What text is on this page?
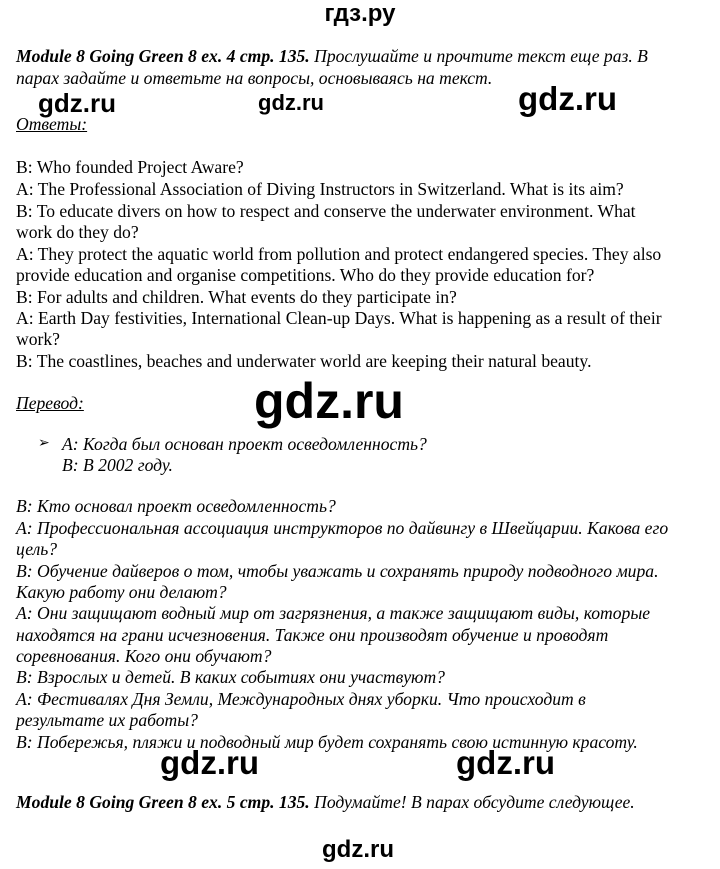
гдз.ру
Module 8 Going Green 8 ex. 4 стр. 135. Прослушайте и прочтите текст еще раз. В
парах задайте и ответьте на вопросы, основываясь на текст.
gdz.ru	gdz.ru	gdz.ru
Ответы:
B: Who founded Project Aware?
A: The Professional Association of Diving Instructors in Switzerland. What is its aim?
B: To educate divers on how to respect and conserve the underwater environment. What
work do they do?
A: They protect the aquatic world from pollution and protect endangered species. They also
provide education and organise competitions. Who do they provide education for?
B: For adults and children. What events do they participate in?
A: Earth Day festivities, International Clean-up Days. What is happening as a result of their
work?
B: The coastlines, beaches and underwater world are keeping their natural beauty.
Перевод:	gdz.ru
➢ A: Когда был основан проект осведомленность?
B: В 2002 году.
B: Кто основал проект осведомленность?
A: Профессиональная ассоциация инструкторов по дайвингу в Швейцарии. Какова его
цель?
B: Обучение дайверов о том, чтобы уважать и сохранять природу подводного мира.
Какую работу они делают?
A: Они защищают водный мир от загрязнения, а также защищают виды, которые
находятся на грани исчезновения. Также они производят обучение и проводят
соревнования. Кого они обучают?
B: Взрослых и детей. В каких событиях они участвуют?
A: Фестивалях Дня Земли, Международных днях уборки. Что происходит в
результате их работы?
B: Побережья, пляжи и подводный мир будет сохранять свою истинную красоту.
gdz.ru	gdz.ru
Module 8 Going Green 8 ex. 5 стр. 135. Подумайте! В парах обсудите следующее.
gdz.ru
